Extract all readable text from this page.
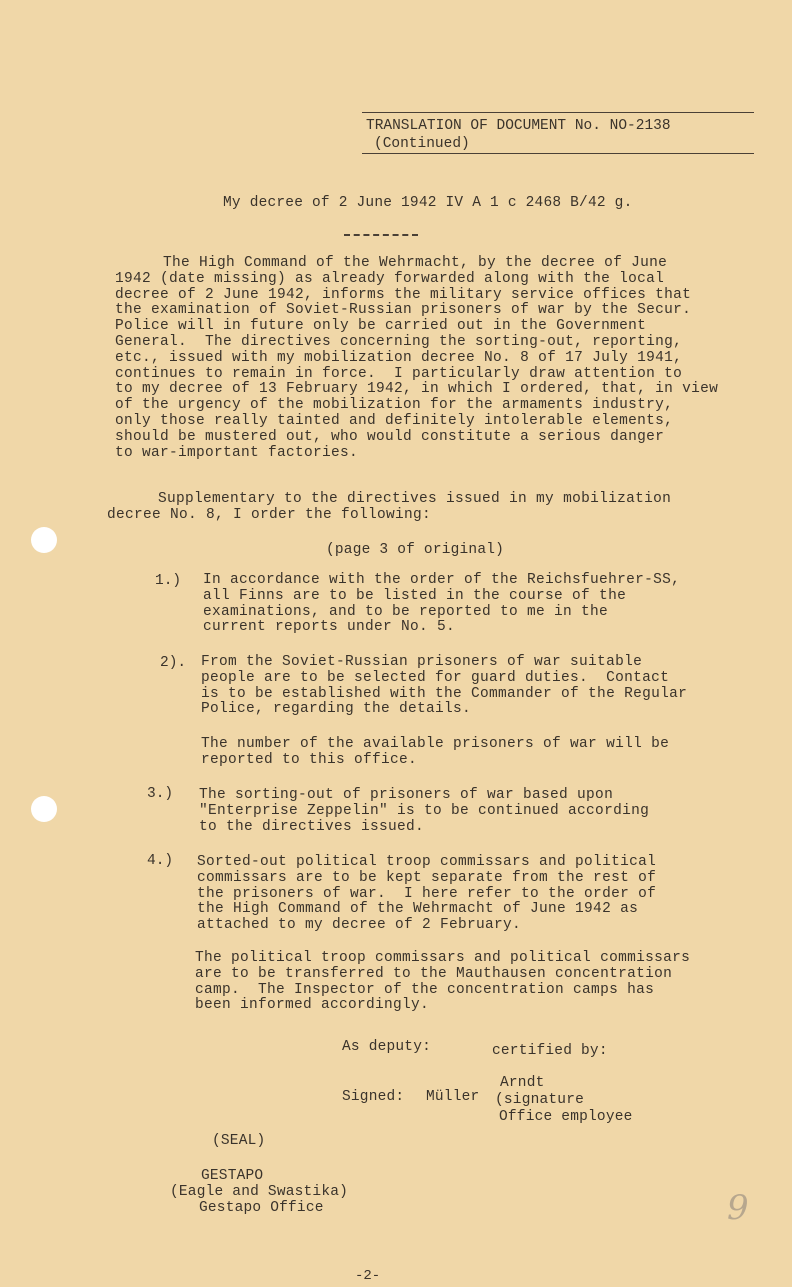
TRANSLATION OF DOCUMENT No. NO-2138
(Continued)
My decree of 2 June 1942 IV A 1 c 2468 B/42 g.
The High Command of the Wehrmacht, by the decree of June
1942 (date missing) as already forwarded along with the local
decree of 2 June 1942, informs the military service offices that
the examination of Soviet-Russian prisoners of war by the Secur.
Police will in future only be carried out in the Government
General.  The directives concerning the sorting-out, reporting,
etc., issued with my mobilization decree No. 8 of 17 July 1941,
continues to remain in force.  I particularly draw attention to
to my decree of 13 February 1942, in which I ordered, that, in view
of the urgency of the mobilization for the armaments industry,
only those really tainted and definitely intolerable elements,
should be mustered out, who would constitute a serious danger
to war-important factories.
Supplementary to the directives issued in my mobilization
decree No. 8, I order the following:
(page 3 of original)
1.) In accordance with the order of the Reichsfuehrer-SS,
all Finns are to be listed in the course of the
examinations, and to be reported to me in the
current reports under No. 5.
2). From the Soviet-Russian prisoners of war suitable
people are to be selected for guard duties.  Contact
is to be established with the Commander of the Regular
Police, regarding the details.
The number of the available prisoners of war will be
reported to this office.
3.) The sorting-out of prisoners of war based upon
"Enterprise Zeppelin" is to be continued according
to the directives issued.
4.) Sorted-out political troop commissars and political
commissars are to be kept separate from the rest of
the prisoners of war.  I here refer to the order of
the High Command of the Wehrmacht of June 1942 as
attached to my decree of 2 February.
The political troop commissars and political commissars
are to be transferred to the Mauthausen concentration
camp.  The Inspector of the concentration camps has
been informed accordingly.
As deputy:	certified by:
Arndt
Signed: Müller (signature
Office employee
(SEAL)
GESTAPO
(Eagle and Swastika)
Gestapo Office	9
-2-
